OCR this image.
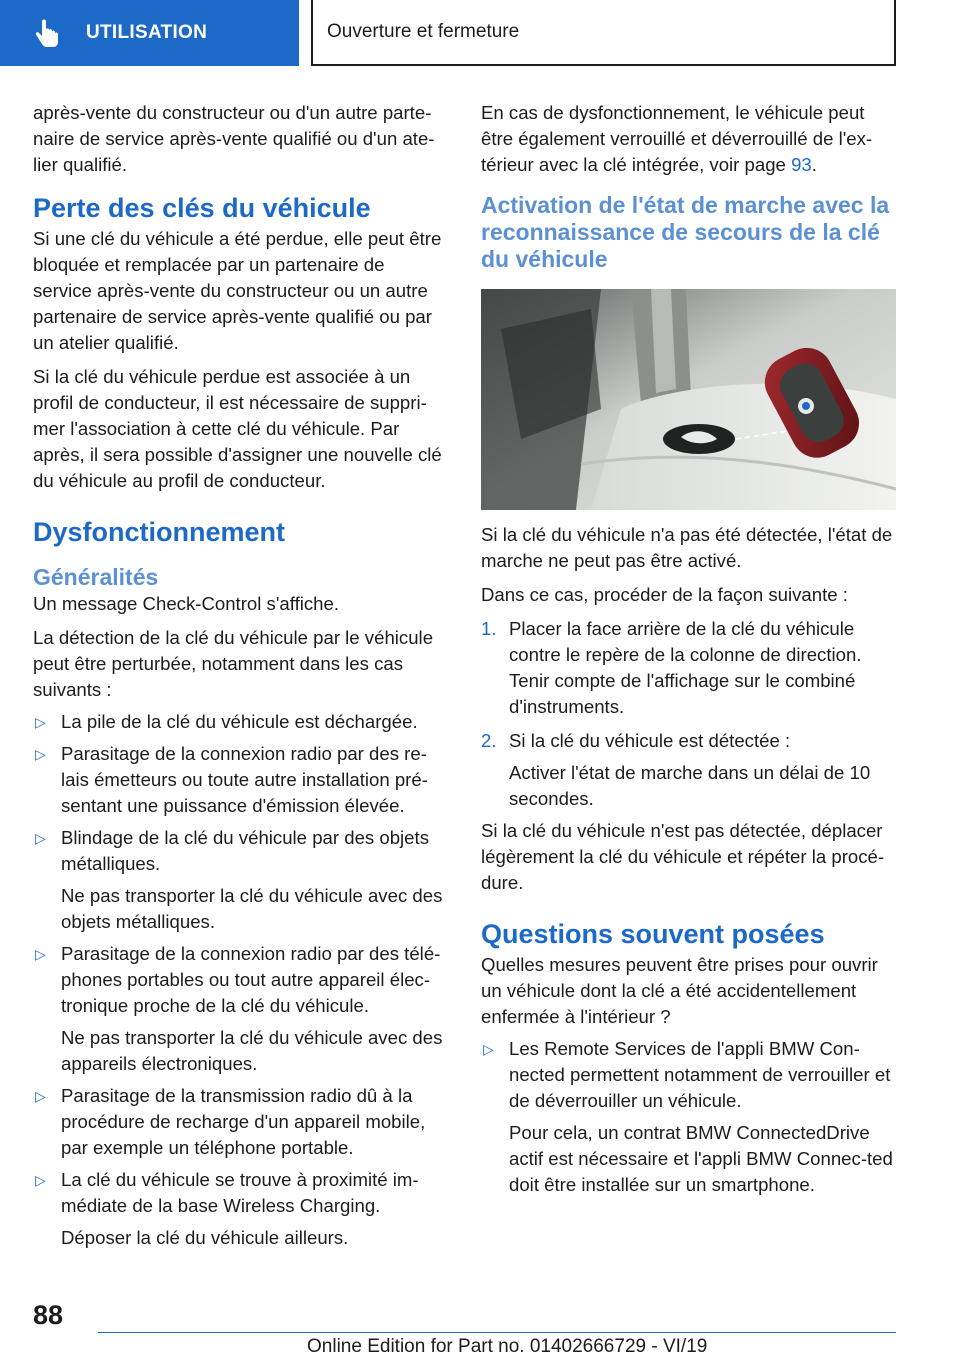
UTILISATION	Ouverture et fermeture

après-vente du constructeur ou d'un autre parte-naire de service après-vente qualifié ou d'un ate-lier qualifié.

Perte des clés du véhicule

Si une clé du véhicule a été perdue, elle peut être bloquée et remplacée par un partenaire de service après-vente du constructeur ou un autre partenaire de service après-vente qualifié ou par un atelier qualifié.

Si la clé du véhicule perdue est associée à un profil de conducteur, il est nécessaire de suppri-mer l'association à cette clé du véhicule. Par après, il sera possible d'assigner une nouvelle clé du véhicule au profil de conducteur.

Dysfonctionnement
Généralités

Un message Check-Control s'affiche.

La détection de la clé du véhicule par le véhicule peut être perturbée, notamment dans les cas suivants :

▷ La pile de la clé du véhicule est déchargée.

▷ Parasitage de la connexion radio par des re-lais émetteurs ou toute autre installation pré-sentant une puissance d'émission élevée.

▷ Blindage de la clé du véhicule par des objets métalliques.

Ne pas transporter la clé du véhicule avec des objets métalliques.

▷ Parasitage de la connexion radio par des télé-phones portables ou tout autre appareil élec-tronique proche de la clé du véhicule.

Ne pas transporter la clé du véhicule avec des appareils électroniques.

▷ Parasitage de la transmission radio dû à la procédure de recharge d'un appareil mobile, par exemple un téléphone portable.

▷ La clé du véhicule se trouve à proximité im-médiate de la base Wireless Charging.

Déposer la clé du véhicule ailleurs.

En cas de dysfonctionnement, le véhicule peut être également verrouillé et déverrouillé de l'ex-térieur avec la clé intégrée, voir page 93.

Activation de l'état de marche avec la reconnaissance de secours de la clé du véhicule

Si la clé du véhicule n'a pas été détectée, l'état de marche ne peut pas être activé.

Dans ce cas, procéder de la façon suivante :

1. Placer la face arrière de la clé du véhicule contre le repère de la colonne de direction. Tenir compte de l'affichage sur le combiné d'instruments.

2. Si la clé du véhicule est détectée :

Activer l'état de marche dans un délai de 10 secondes.

Si la clé du véhicule n'est pas détectée, déplacer légèrement la clé du véhicule et répéter la procé-dure.

Questions souvent posées

Quelles mesures peuvent être prises pour ouvrir un véhicule dont la clé a été accidentellement enfermée à l'intérieur ?

▷ Les Remote Services de l'appli BMW Con-nected permettent notamment de verrouiller et de déverrouiller un véhicule.

Pour cela, un contrat BMW ConnectedDrive actif est nécessaire et l'appli BMW Connec-ted doit être installée sur un smartphone.

88
Online Edition for Part no. 01402666729 - VI/19
